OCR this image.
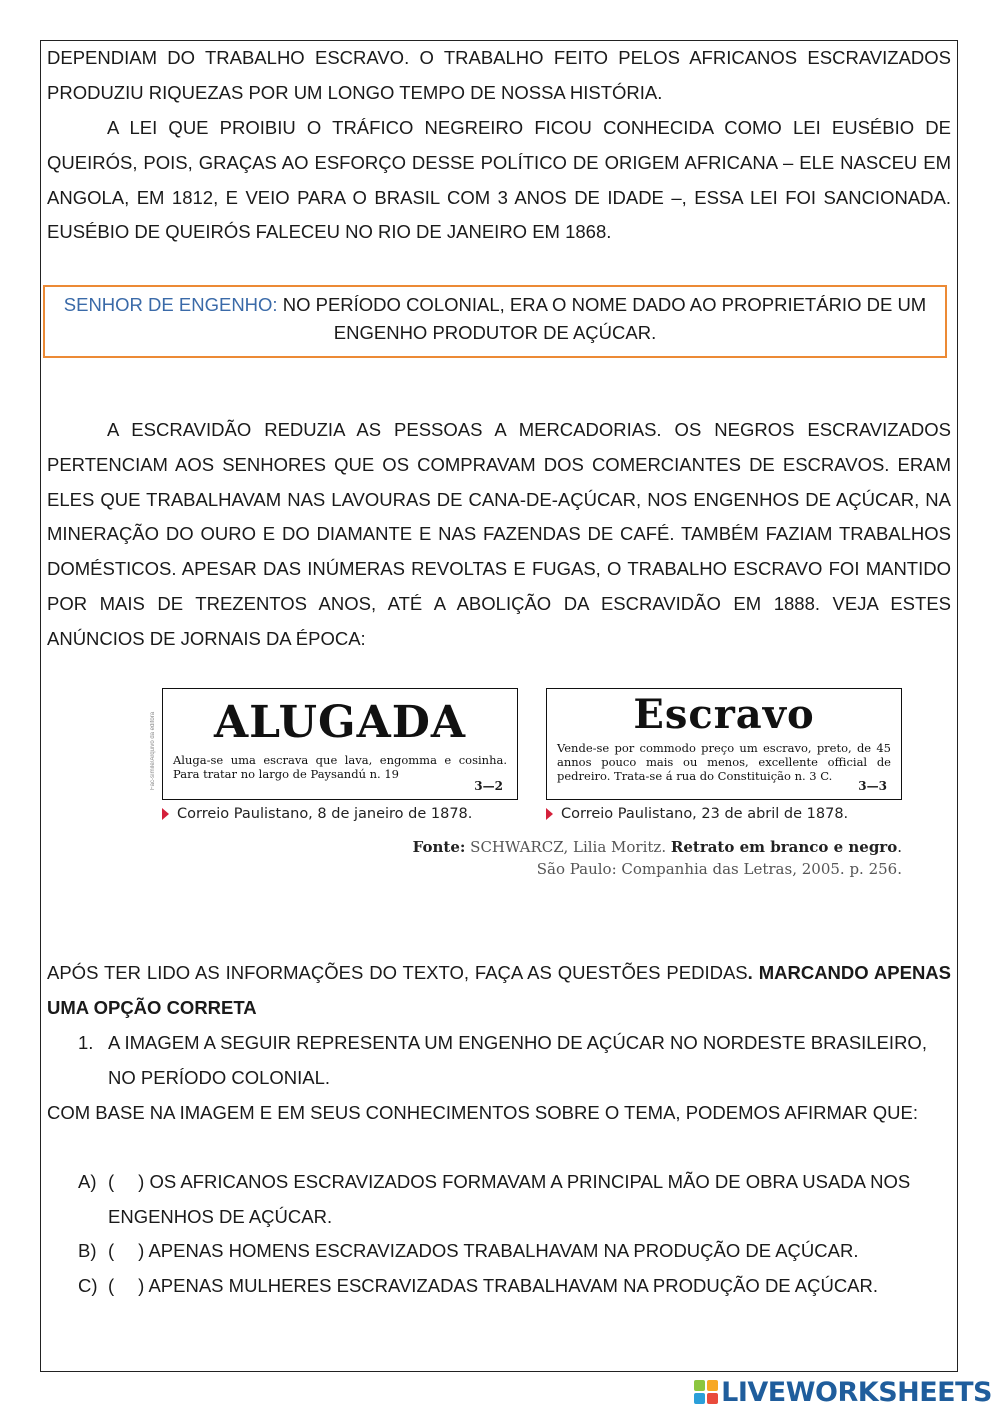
DEPENDIAM DO TRABALHO ESCRAVO. O TRABALHO FEITO PELOS AFRICANOS ESCRAVIZADOS PRODUZIU RIQUEZAS POR UM LONGO TEMPO DE NOSSA HISTÓRIA.

A LEI QUE PROIBIU O TRÁFICO NEGREIRO FICOU CONHECIDA COMO LEI EUSÉBIO DE QUEIRÓS, POIS, GRAÇAS AO ESFORÇO DESSE POLÍTICO DE ORIGEM AFRICANA – ELE NASCEU EM ANGOLA, EM 1812, E VEIO PARA O BRASIL COM 3 ANOS DE IDADE –, ESSA LEI FOI SANCIONADA. EUSÉBIO DE QUEIRÓS FALECEU NO RIO DE JANEIRO EM 1868.

SENHOR DE ENGENHO: NO PERÍODO COLONIAL, ERA O NOME DADO AO PROPRIETÁRIO DE UM ENGENHO PRODUTOR DE AÇÚCAR.

A ESCRAVIDÃO REDUZIA AS PESSOAS A MERCADORIAS. OS NEGROS ESCRAVIZADOS PERTENCIAM AOS SENHORES QUE OS COMPRAVAM DOS COMERCIANTES DE ESCRAVOS. ERAM ELES QUE TRABALHAVAM NAS LAVOURAS DE CANA-DE-AÇÚCAR, NOS ENGENHOS DE AÇÚCAR, NA MINERAÇÃO DO OURO E DO DIAMANTE E NAS FAZENDAS DE CAFÉ. TAMBÉM FAZIAM TRABALHOS DOMÉSTICOS. APESAR DAS INÚMERAS REVOLTAS E FUGAS, O TRABALHO ESCRAVO FOI MANTIDO POR MAIS DE TREZENTOS ANOS, ATÉ A ABOLIÇÃO DA ESCRAVIDÃO EM 1888. VEJA ESTES ANÚNCIOS DE JORNAIS DA ÉPOCA:

Fac-símile/Arquivo da editora	ALUGADA
Aluga-se uma escrava que lava, engomma e cosinha. Para tratar no largo de Paysandú n. 19
3—2
Escravo
Vende-se por commodo preço um escravo, preto, de 45 annos pouco mais ou menos, excellente official de pedreiro. Trata-se á rua do Constituição n. 3 C.
3—3
Correio Paulistano, 8 de janeiro de 1878.	Correio Paulistano, 23 de abril de 1878.
Fonte: SCHWARCZ, Lilia Moritz. Retrato em branco e negro.
São Paulo: Companhia das Letras, 2005. p. 256.

APÓS TER LIDO AS INFORMAÇÕES DO TEXTO, FAÇA AS QUESTÕES PEDIDAS. MARCANDO APENAS UMA OPÇÃO CORRETA

1. A IMAGEM A SEGUIR REPRESENTA UM ENGENHO DE AÇÚCAR NO NORDESTE BRASILEIRO, NO PERÍODO COLONIAL.

COM BASE NA IMAGEM E EM SEUS CONHECIMENTOS SOBRE O TEMA, PODEMOS AFIRMAR QUE:

A) ( ) OS AFRICANOS ESCRAVIZADOS FORMAVAM A PRINCIPAL MÃO DE OBRA USADA NOS ENGENHOS DE AÇÚCAR.
B) ( ) APENAS HOMENS ESCRAVIZADOS TRABALHAVAM NA PRODUÇÃO DE AÇÚCAR.
C) ( ) APENAS MULHERES ESCRAVIZADAS TRABALHAVAM NA PRODUÇÃO DE AÇÚCAR.
LIVEWORKSHEETS
